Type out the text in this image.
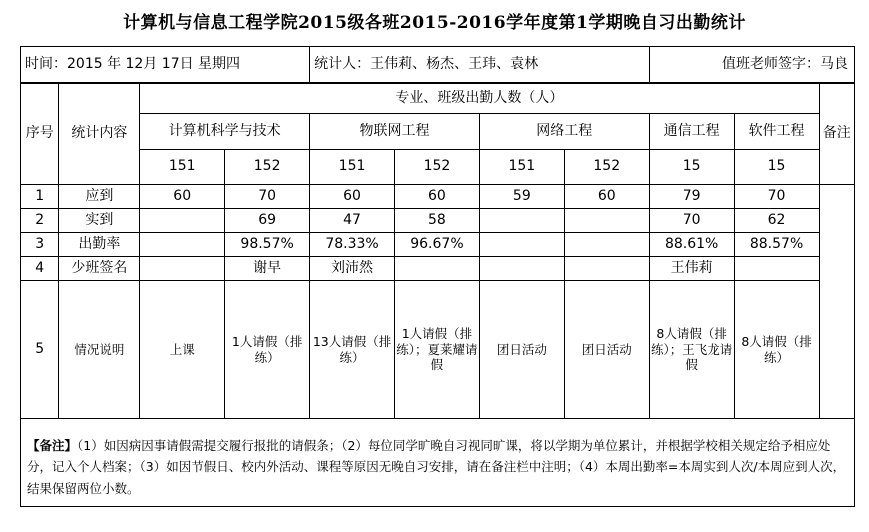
计算机与信息工程学院2015级各班2015-2016学年度第1学期晚自习出勤统计
时间：2015 年 12月 17日 星期四				统计人：王伟莉、杨杰、王玮、袁林				值班老师签字：马良		
序号	统计内容	专业、班级出勤人数（人）								备注
		计算机科学与技术		物联网工程		网络工程		通信工程	软件工程	
		151	152	151	152	151	152	15	15	
1	应到	60	70	60	60	59	60	79	70	
2	实到		69	47	58			70	62	
3	出勤率		98.57%	78.33%	96.67%			88.61%	88.57%	
4	少班签名		谢早	刘沛然				王伟莉		
5	情况说明	上课	1人请假（排练）	13人请假（排练）	1人请假（排练）；夏莱耀请假	团日活动	团日活动	8人请假（排练）；王飞龙请假	8人请假（排练）	
【备注】（1）如因病因事请假需提交履行报批的请假条；（2）每位同学旷晚自习视同旷课，将以学期为单位累计，并根据学校相关规定给予相应处分，记入个人档案；（3）如因节假日、校内外活动、课程等原因无晚自习安排，请在备注栏中注明；（4）本周出勤率=本周实到人次/本周应到人次，结果保留两位小数。										
